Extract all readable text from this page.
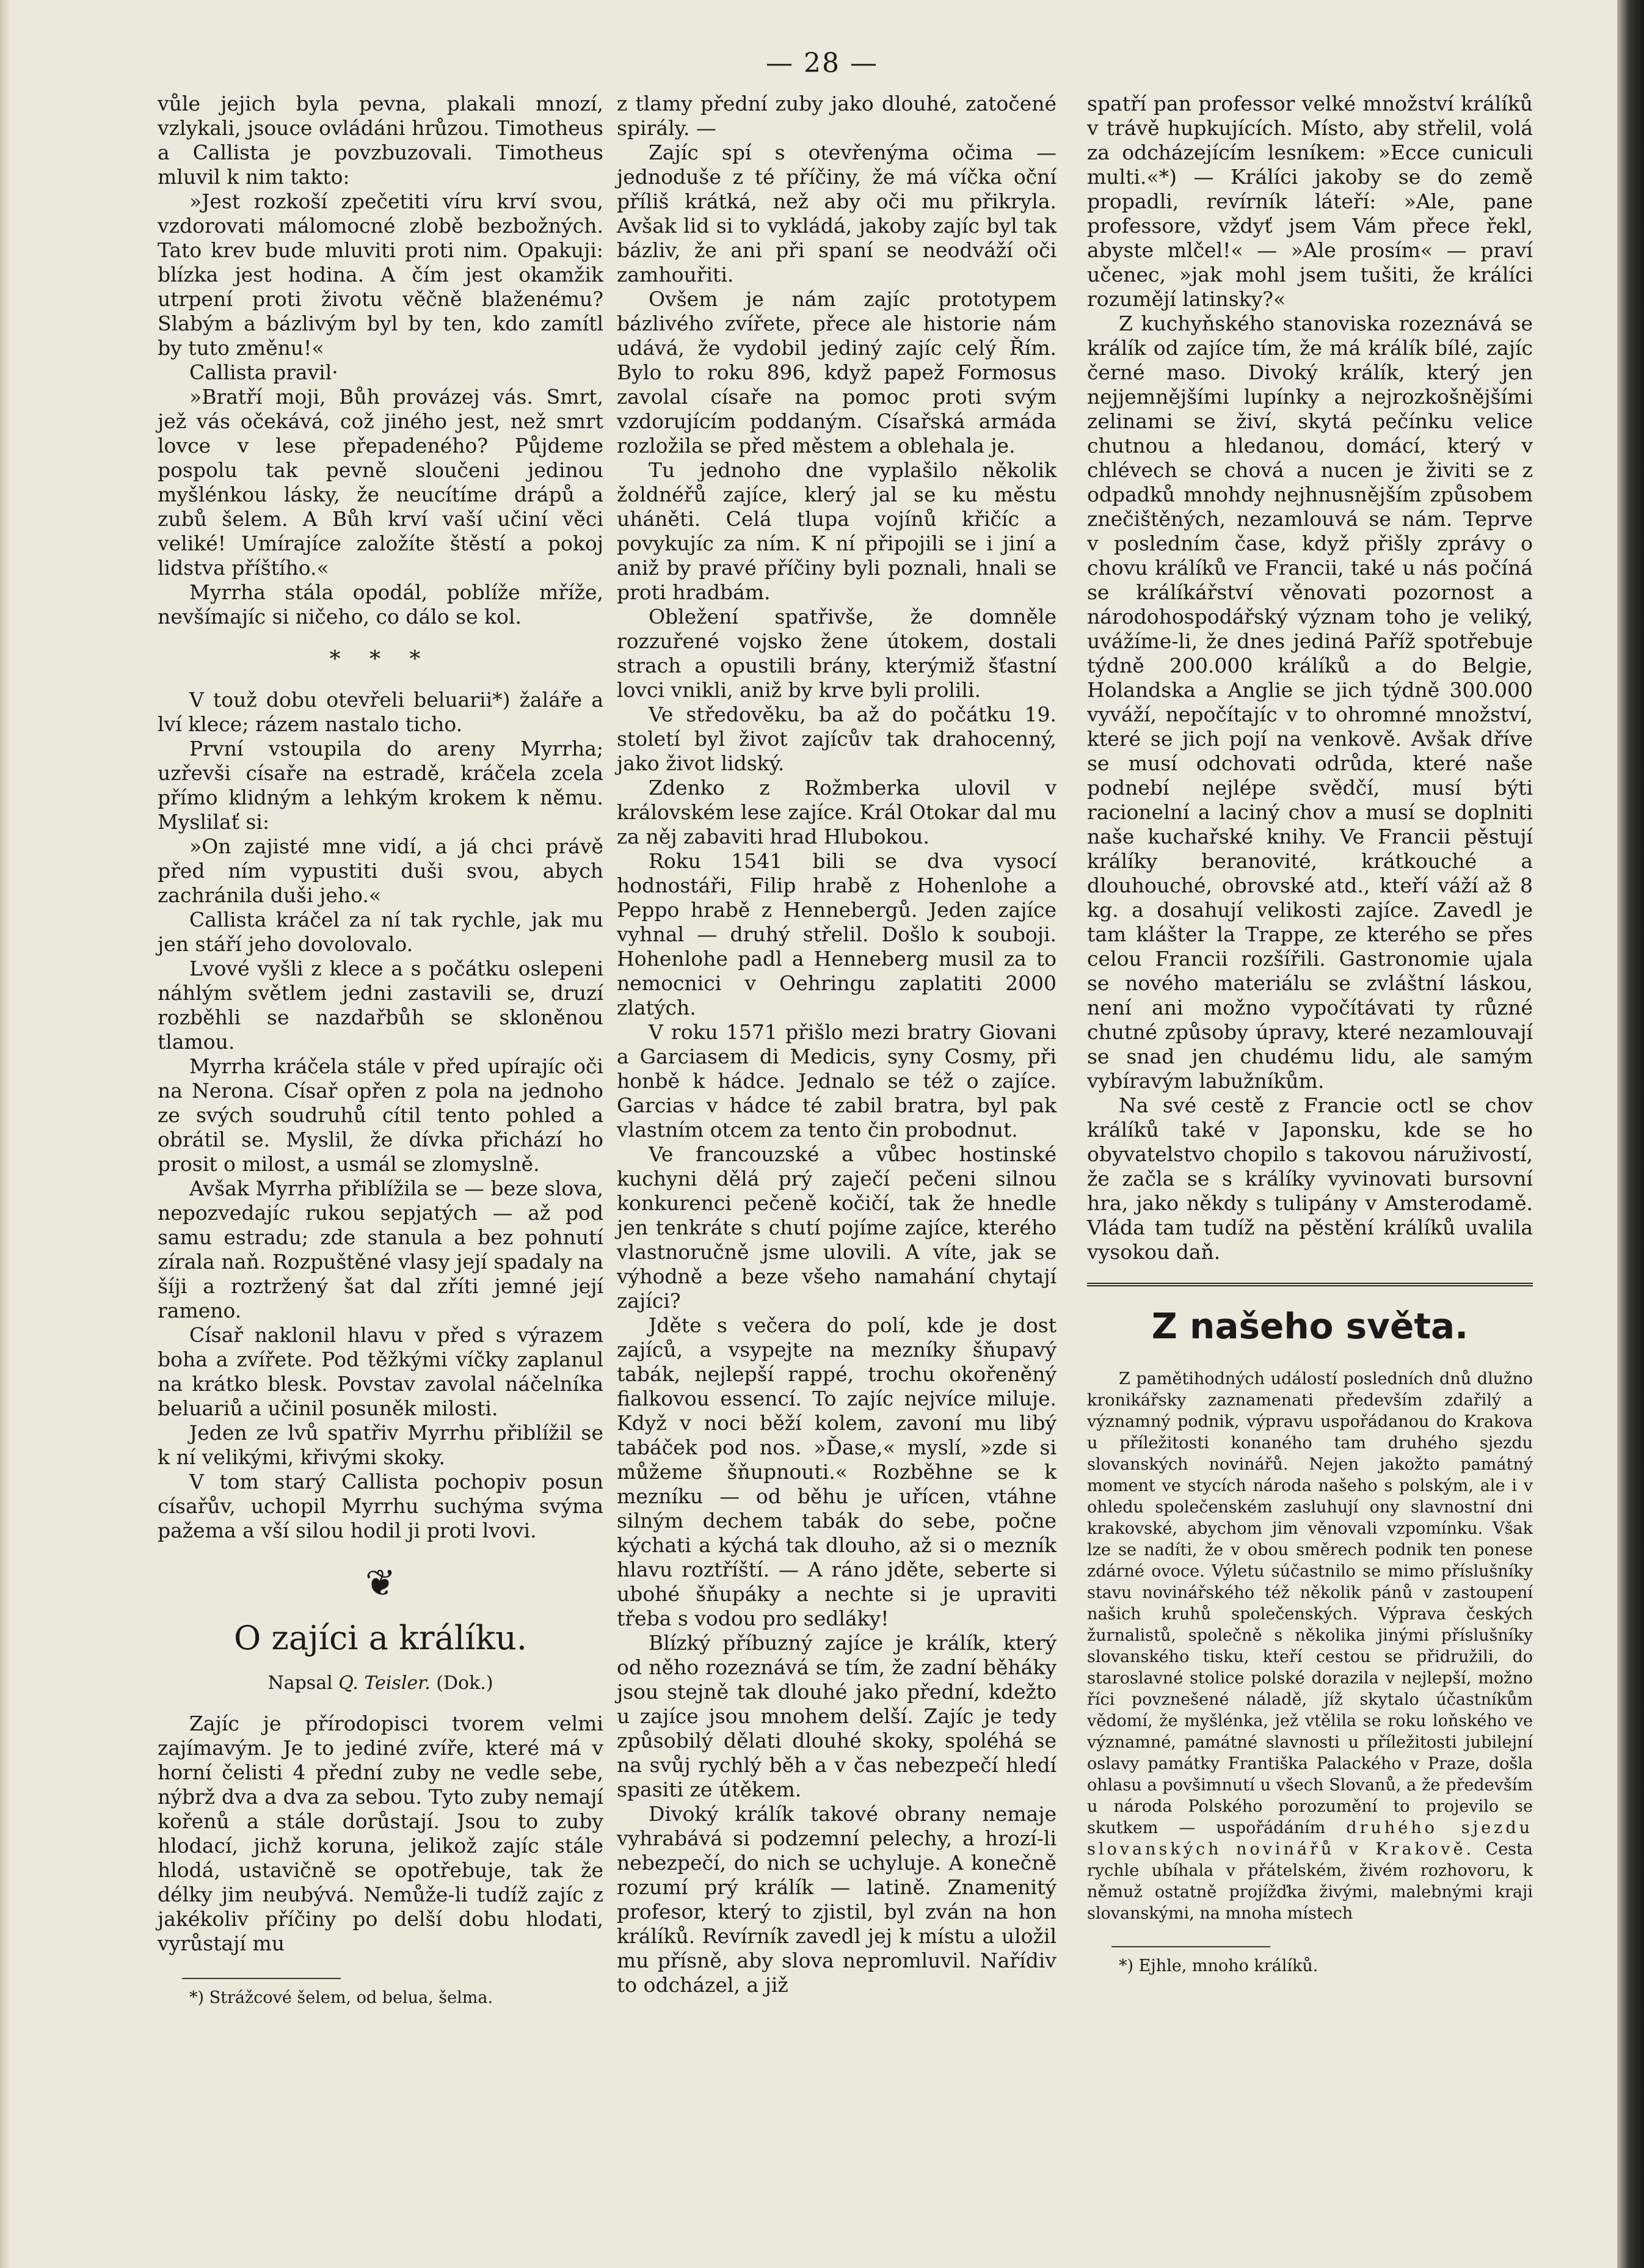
— 28 —

vůle jejich byla pevna, plakali mnozí, vzlykali, jsouce ovládáni hrůzou. Timotheus a Callista je povzbuzovali. Timotheus mluvil k nim takto:

»Jest rozkoší zpečetiti víru krví svou, vzdorovati málomocné zlobě bezbožných. Tato krev bude mluviti proti nim. Opakuji: blízka jest hodina. A čím jest okamžik utrpení proti životu věčně blaženému? Slabým a bázlivým byl by ten, kdo zamítl by tuto změnu!«

Callista pravil·

»Bratří moji, Bůh provázej vás. Smrt, jež vás očekává, což jiného jest, než smrt lovce v lese přepadeného? Půjdeme pospolu tak pevně sloučeni jedinou myšlénkou lásky, že neucítíme drápů a zubů šelem. A Bůh krví vaší učiní věci veliké! Umírajíce založíte štěstí a pokoj lidstva příštího.«

Myrrha stála opodál, poblíže mříže, nevšímajíc si ničeho, co dálo se kol.

* * *

V touž dobu otevřeli beluarii*) žaláře a lví klece; rázem nastalo ticho.

První vstoupila do areny Myrrha; uzřevši císaře na estradě, kráčela zcela přímo klidným a lehkým krokem k němu. Myslilať si:

»On zajisté mne vidí, a já chci právě před ním vypustiti duši svou, abych zachránila duši jeho.«

Callista kráčel za ní tak rychle, jak mu jen stáří jeho dovolovalo.

Lvové vyšli z klece a s počátku oslepeni náhlým světlem jedni zastavili se, druzí rozběhli se nazdařbůh se skloněnou tlamou.

Myrrha kráčela stále v před upírajíc oči na Nerona. Císař opřen z pola na jednoho ze svých soudruhů cítil tento pohled a obrátil se. Myslil, že dívka přichází ho prosit o milost, a usmál se zlomyslně.

Avšak Myrrha přiblížila se — beze slova, nepozvedajíc rukou sepjatých — až pod samu estradu; zde stanula a bez pohnutí zírala naň. Rozpuštěné vlasy její spadaly na šíji a roztržený šat dal zříti jemné její rameno.

Císař naklonil hlavu v před s výrazem boha a zvířete. Pod těžkými víčky zaplanul na krátko blesk. Povstav zavolal náčelníka beluariů a učinil posuněk milosti.

Jeden ze lvů spatřiv Myrrhu přiblížil se k ní velikými, křivými skoky.

V tom starý Callista pochopiv posun císařův, uchopil Myrrhu suchýma svýma pažema a vší silou hodil ji proti lvovi.

❦
O zajíci a králíku.
Napsal Q. Teisler. (Dok.)

Zajíc je přírodopisci tvorem velmi zajímavým. Je to jediné zvíře, které má v horní čelisti 4 přední zuby ne vedle sebe, nýbrž dva a dva za sebou. Tyto zuby nemají kořenů a stále dorůstají. Jsou to zuby hlodací, jichž koruna, jelikož zajíc stále hlodá, ustavičně se opotřebuje, tak že délky jim neubývá. Nemůže-li tudíž zajíc z jakékoliv příčiny po delší dobu hlodati, vyrůstají mu

*) Strážcové šelem, od belua, šelma.

z tlamy přední zuby jako dlouhé, zatočené spirály. —

Zajíc spí s otevřenýma očima — jednoduše z té příčiny, že má víčka oční příliš krátká, než aby oči mu přikryla. Avšak lid si to vykládá, jakoby zajíc byl tak bázliv, že ani při spaní se neodváží oči zamhouřiti.

Ovšem je nám zajíc prototypem bázlivého zvířete, přece ale historie nám udává, že vydobil jediný zajíc celý Řím. Bylo to roku 896, když papež Formosus zavolal císaře na pomoc proti svým vzdorujícím poddaným. Císařská armáda rozložila se před městem a oblehala je.

Tu jednoho dne vyplašilo několik žoldnéřů zajíce, klerý jal se ku městu uháněti. Celá tlupa vojínů křičíc a povykujíc za ním. K ní připojili se i jiní a aniž by pravé příčiny byli poznali, hnali se proti hradbám.

Obležení spatřivše, že domněle rozzuřené vojsko žene útokem, dostali strach a opustili brány, kterýmiž šťastní lovci vnikli, aniž by krve byli prolili.

Ve středověku, ba až do počátku 19. století byl život zajícův tak drahocenný, jako život lidský.

Zdenko z Rožmberka ulovil v královském lese zajíce. Král Otokar dal mu za něj zabaviti hrad Hlubokou.

Roku 1541 bili se dva vysocí hodnostáři, Filip hrabě z Hohenlohe a Peppo hrabě z Hennebergů. Jeden zajíce vyhnal — druhý střelil. Došlo k souboji. Hohenlohe padl a Henneberg musil za to nemocnici v Oehringu zaplatiti 2000 zlatých.

V roku 1571 přišlo mezi bratry Giovani a Garciasem di Medicis, syny Cosmy, při honbě k hádce. Jednalo se též o zajíce. Garcias v hádce té zabil bratra, byl pak vlastním otcem za tento čin probodnut.

Ve francouzské a vůbec hostinské kuchyni dělá prý zaječí pečeni silnou konkurenci pečeně kočičí, tak že hnedle jen tenkráte s chutí pojíme zajíce, kterého vlastnoručně jsme ulovili. A víte, jak se výhodně a beze všeho namahání chytají zajíci?

Jděte s večera do polí, kde je dost zajíců, a vsypejte na mezníky šňupavý tabák, nejlepší rappé, trochu okořeněný fialkovou essencí. To zajíc nejvíce miluje. Když v noci běží kolem, zavoní mu libý tabáček pod nos. »Ďase,« myslí, »zde si můžeme šňupnouti.« Rozběhne se k mezníku — od běhu je uřícen, vtáhne silným dechem tabák do sebe, počne kýchati a kýchá tak dlouho, až si o mezník hlavu roztříští. — A ráno jděte, seberte si ubohé šňupáky a nechte si je upraviti třeba s vodou pro sedláky!

Blízký příbuzný zajíce je králík, který od něho rozeznává se tím, že zadní běháky jsou stejně tak dlouhé jako přední, kdežto u zajíce jsou mnohem delší. Zajíc je tedy způsobilý dělati dlouhé skoky, spoléhá se na svůj rychlý běh a v čas nebezpečí hledí spasiti ze útěkem.

Divoký králík takové obrany nemaje vyhrabává si podzemní pelechy, a hrozí-li nebezpečí, do nich se uchyluje. A konečně rozumí prý králík — latině. Znamenitý profesor, který to zjistil, byl zván na hon králíků. Revírník zavedl jej k místu a uložil mu přísně, aby slova nepromluvil. Nařídiv to odcházel, a již

spatří pan professor velké množství králíků v trávě hupkujících. Místo, aby střelil, volá za odcházejícím lesníkem: »Ecce cuniculi multi.«*) — Králíci jakoby se do země propadli, revírník láteří: »Ale, pane professore, vždyť jsem Vám přece řekl, abyste mlčel!« — »Ale prosím« — praví učenec, »jak mohl jsem tušiti, že králíci rozumějí latinsky?«

Z kuchyňského stanoviska rozeznává se králík od zajíce tím, že má králík bílé, zajíc černé maso. Divoký králík, který jen nejjemnějšími lupínky a nejrozkošnějšími zelinami se živí, skytá pečínku velice chutnou a hledanou, domácí, který v chlévech se chová a nucen je živiti se z odpadků mnohdy nejhnusnějším způsobem znečištěných, nezamlouvá se nám. Teprve v posledním čase, když přišly zprávy o chovu králíků ve Francii, také u nás počíná se králíkářství věnovati pozornost a národohospodářský význam toho je veliký, uvážíme-li, že dnes jediná Paříž spotřebuje týdně 200.000 králíků a do Belgie, Holandska a Anglie se jich týdně 300.000 vyváží, nepočítajíc v to ohromné množství, které se jich pojí na venkově. Avšak dříve se musí odchovati odrůda, které naše podnebí nejlépe svědčí, musí býti racionelní a laciný chov a musí se doplniti naše kuchařské knihy. Ve Francii pěstují králíky beranovité, krátkouché a dlouhouché, obrovské atd., kteří váží až 8 kg. a dosahují velikosti zajíce. Zavedl je tam klášter la Trappe, ze kterého se přes celou Francii rozšířili. Gastronomie ujala se nového materiálu se zvláštní láskou, není ani možno vypočítávati ty různé chutné způsoby úpravy, které nezamlouvají se snad jen chudému lidu, ale samým vybíravým labužníkům.

Na své cestě z Francie octl se chov králíků také v Japonsku, kde se ho obyvatelstvo chopilo s takovou náruživostí, že začla se s králíky vyvinovati bursovní hra, jako někdy s tulipány v Amsterodamě. Vláda tam tudíž na pěstění králíků uvalila vysokou daň.

Z našeho světa.

Z pamětihodných událostí posledních dnů dlužno kronikářsky zaznamenati především zdařilý a významný podnik, výpravu uspořádanou do Krakova u příležitosti konaného tam druhého sjezdu slovanských novinářů. Nejen jakožto památný moment ve stycích národa našeho s polským, ale i v ohledu společenském zasluhují ony slavnostní dni krakovské, abychom jim věnovali vzpomínku. Však lze se nadíti, že v obou směrech podnik ten ponese zdárné ovoce. Výletu súčastnilo se mimo příslušníky stavu novinářského též několik pánů v zastoupení našich kruhů společenských. Výprava českých žurnalistů, společně s několika jinými příslušníky slovanského tisku, kteří cestou se přidružili, do staroslavné stolice polské dorazila v nejlepší, možno říci povznešené náladě, jíž skytalo účastníkům vědomí, že myšlénka, jež vtělila se roku loňského ve významné, památné slavnosti u příležitosti jubilejní oslavy památky Františka Palackého v Praze, došla ohlasu a povšimnutí u všech Slovanů, a že především u národa Polského porozumění to projevilo se skutkem — uspořádáním druhého sjezdu slovanských novinářů v Krakově. Cesta rychle ubíhala v přátelském, živém rozhovoru, k němuž ostatně projížďka živými, malebnými kraji slovanskými, na mnoha místech

*) Ejhle, mnoho králíků.
